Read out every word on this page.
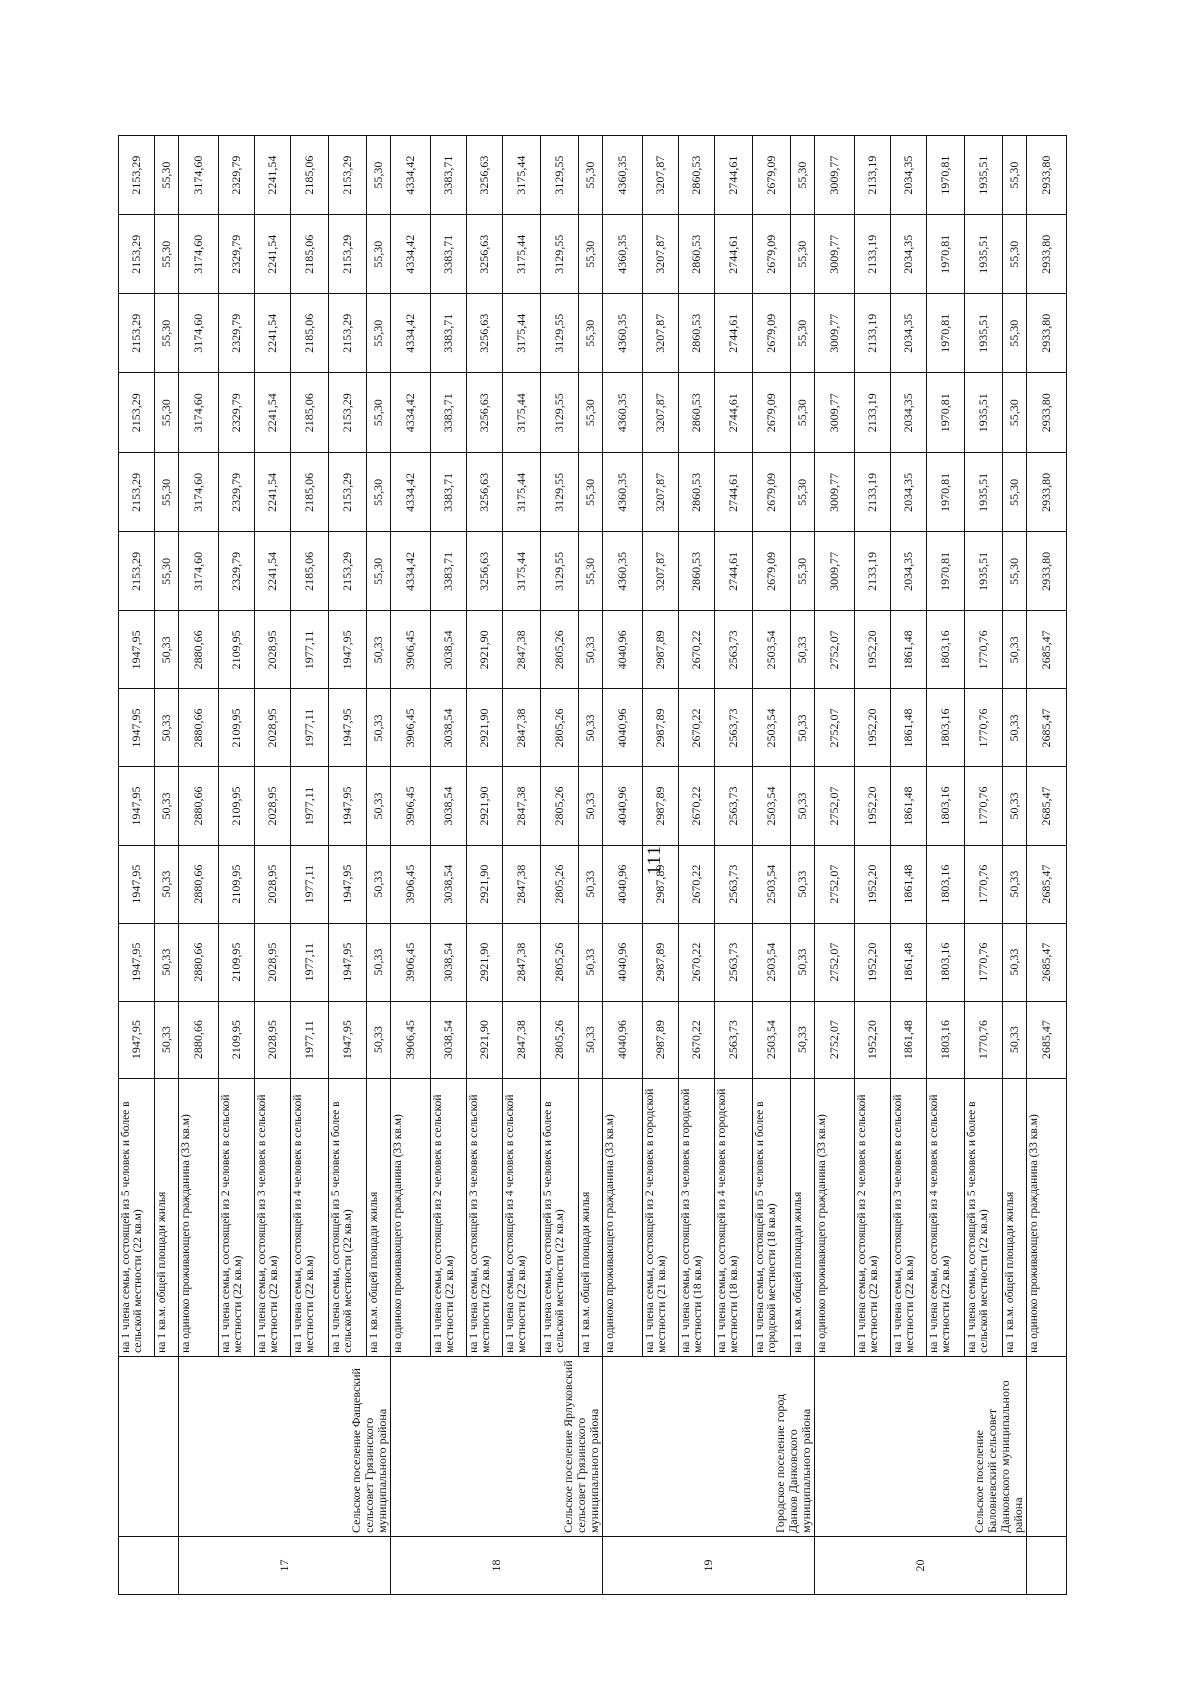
		на 1 члена семьи, состоящей из 5 человек и более в сельской местности (22 кв.м)	1947,95	1947,95	1947,95	1947,95	1947,95	1947,95	2153,29	2153,29	2153,29	2153,29	2153,29	2153,29
		на 1 кв.м. общей площади жилья	50,33	50,33	50,33	50,33	50,33	50,33	55,30	55,30	55,30	55,30	55,30	55,30
17	Сельское поселение Фащевский сельсовет Грязинского муниципального района	на одиноко проживающего гражданина (33 кв.м)	2880,66	2880,66	2880,66	2880,66	2880,66	2880,66	3174,60	3174,60	3174,60	3174,60	3174,60	3174,60
		на 1 члена семьи, состоящей из 2 человек в сельской местности (22 кв.м)	2109,95	2109,95	2109,95	2109,95	2109,95	2109,95	2329,79	2329,79	2329,79	2329,79	2329,79	2329,79
		на 1 члена семьи, состоящей из 3 человек в сельской местности (22 кв.м)	2028,95	2028,95	2028,95	2028,95	2028,95	2028,95	2241,54	2241,54	2241,54	2241,54	2241,54	2241,54
		на 1 члена семьи, состоящей из 4 человек в сельской местности (22 кв.м)	1977,11	1977,11	1977,11	1977,11	1977,11	1977,11	2185,06	2185,06	2185,06	2185,06	2185,06	2185,06
		на 1 члена семьи, состоящей из 5 человек и более в сельской местности (22 кв.м)	1947,95	1947,95	1947,95	1947,95	1947,95	1947,95	2153,29	2153,29	2153,29	2153,29	2153,29	2153,29
		на 1 кв.м. общей площади жилья	50,33	50,33	50,33	50,33	50,33	50,33	55,30	55,30	55,30	55,30	55,30	55,30
18	Сельское поселение Ярлуковский сельсовет Грязинского муниципального района	на одиноко проживающего гражданина (33 кв.м)	3906,45	3906,45	3906,45	3906,45	3906,45	3906,45	4334,42	4334,42	4334,42	4334,42	4334,42	4334,42
		на 1 члена семьи, состоящей из 2 человек в сельской местности (22 кв.м)	3038,54	3038,54	3038,54	3038,54	3038,54	3038,54	3383,71	3383,71	3383,71	3383,71	3383,71	3383,71
		на 1 члена семьи, состоящей из 3 человек в сельской местности (22 кв.м)	2921,90	2921,90	2921,90	2921,90	2921,90	2921,90	3256,63	3256,63	3256,63	3256,63	3256,63	3256,63
		на 1 члена семьи, состоящей из 4 человек в сельской местности (22 кв.м)	2847,38	2847,38	2847,38	2847,38	2847,38	2847,38	3175,44	3175,44	3175,44	3175,44	3175,44	3175,44
		на 1 члена семьи, состоящей из 5 человек и более в сельской местности (22 кв.м)	2805,26	2805,26	2805,26	2805,26	2805,26	2805,26	3129,55	3129,55	3129,55	3129,55	3129,55	3129,55
		на 1 кв.м. общей площади жилья	50,33	50,33	50,33	50,33	50,33	50,33	55,30	55,30	55,30	55,30	55,30	55,30
19	Городское поселение город Данков Данковского муниципального района	на одиноко проживающего гражданина (33 кв.м)	4040,96	4040,96	4040,96	4040,96	4040,96	4040,96	4360,35	4360,35	4360,35	4360,35	4360,35	4360,35
		на 1 члена семьи, состоящей из 2 человек в городской местности (21 кв.м)	2987,89	2987,89	2987,89	2987,89	2987,89	2987,89	3207,87	3207,87	3207,87	3207,87	3207,87	3207,87
		на 1 члена семьи, состоящей из 3 человек в городской местности (18 кв.м)	2670,22	2670,22	2670,22	2670,22	2670,22	2670,22	2860,53	2860,53	2860,53	2860,53	2860,53	2860,53
		на 1 члена семьи, состоящей из 4 человек в городской местности (18 кв.м)	2563,73	2563,73	2563,73	2563,73	2563,73	2563,73	2744,61	2744,61	2744,61	2744,61	2744,61	2744,61
		на 1 члена семьи, состоящей из 5 человек и более в городской местности (18 кв.м)	2503,54	2503,54	2503,54	2503,54	2503,54	2503,54	2679,09	2679,09	2679,09	2679,09	2679,09	2679,09
		на 1 кв.м. общей площади жилья	50,33	50,33	50,33	50,33	50,33	50,33	55,30	55,30	55,30	55,30	55,30	55,30
20	Сельское поселение Баловневский сельсовет Данковского муниципального района	на одиноко проживающего гражданина (33 кв.м)	2752,07	2752,07	2752,07	2752,07	2752,07	2752,07	3009,77	3009,77	3009,77	3009,77	3009,77	3009,77
		на 1 члена семьи, состоящей из 2 человек в сельской местности (22 кв.м)	1952,20	1952,20	1952,20	1952,20	1952,20	1952,20	2133,19	2133,19	2133,19	2133,19	2133,19	2133,19
		на 1 члена семьи, состоящей из 3 человек в сельской местности (22 кв.м)	1861,48	1861,48	1861,48	1861,48	1861,48	1861,48	2034,35	2034,35	2034,35	2034,35	2034,35	2034,35
		на 1 члена семьи, состоящей из 4 человек в сельской местности (22 кв.м)	1803,16	1803,16	1803,16	1803,16	1803,16	1803,16	1970,81	1970,81	1970,81	1970,81	1970,81	1970,81
		на 1 члена семьи, состоящей из 5 человек и более в сельской местности (22 кв.м)	1770,76	1770,76	1770,76	1770,76	1770,76	1770,76	1935,51	1935,51	1935,51	1935,51	1935,51	1935,51
		на 1 кв.м. общей площади жилья	50,33	50,33	50,33	50,33	50,33	50,33	55,30	55,30	55,30	55,30	55,30	55,30
		на одиноко проживающего гражданина (33 кв.м)	2685,47	2685,47	2685,47	2685,47	2685,47	2685,47	2933,80	2933,80	2933,80	2933,80	2933,80	2933,80
111
